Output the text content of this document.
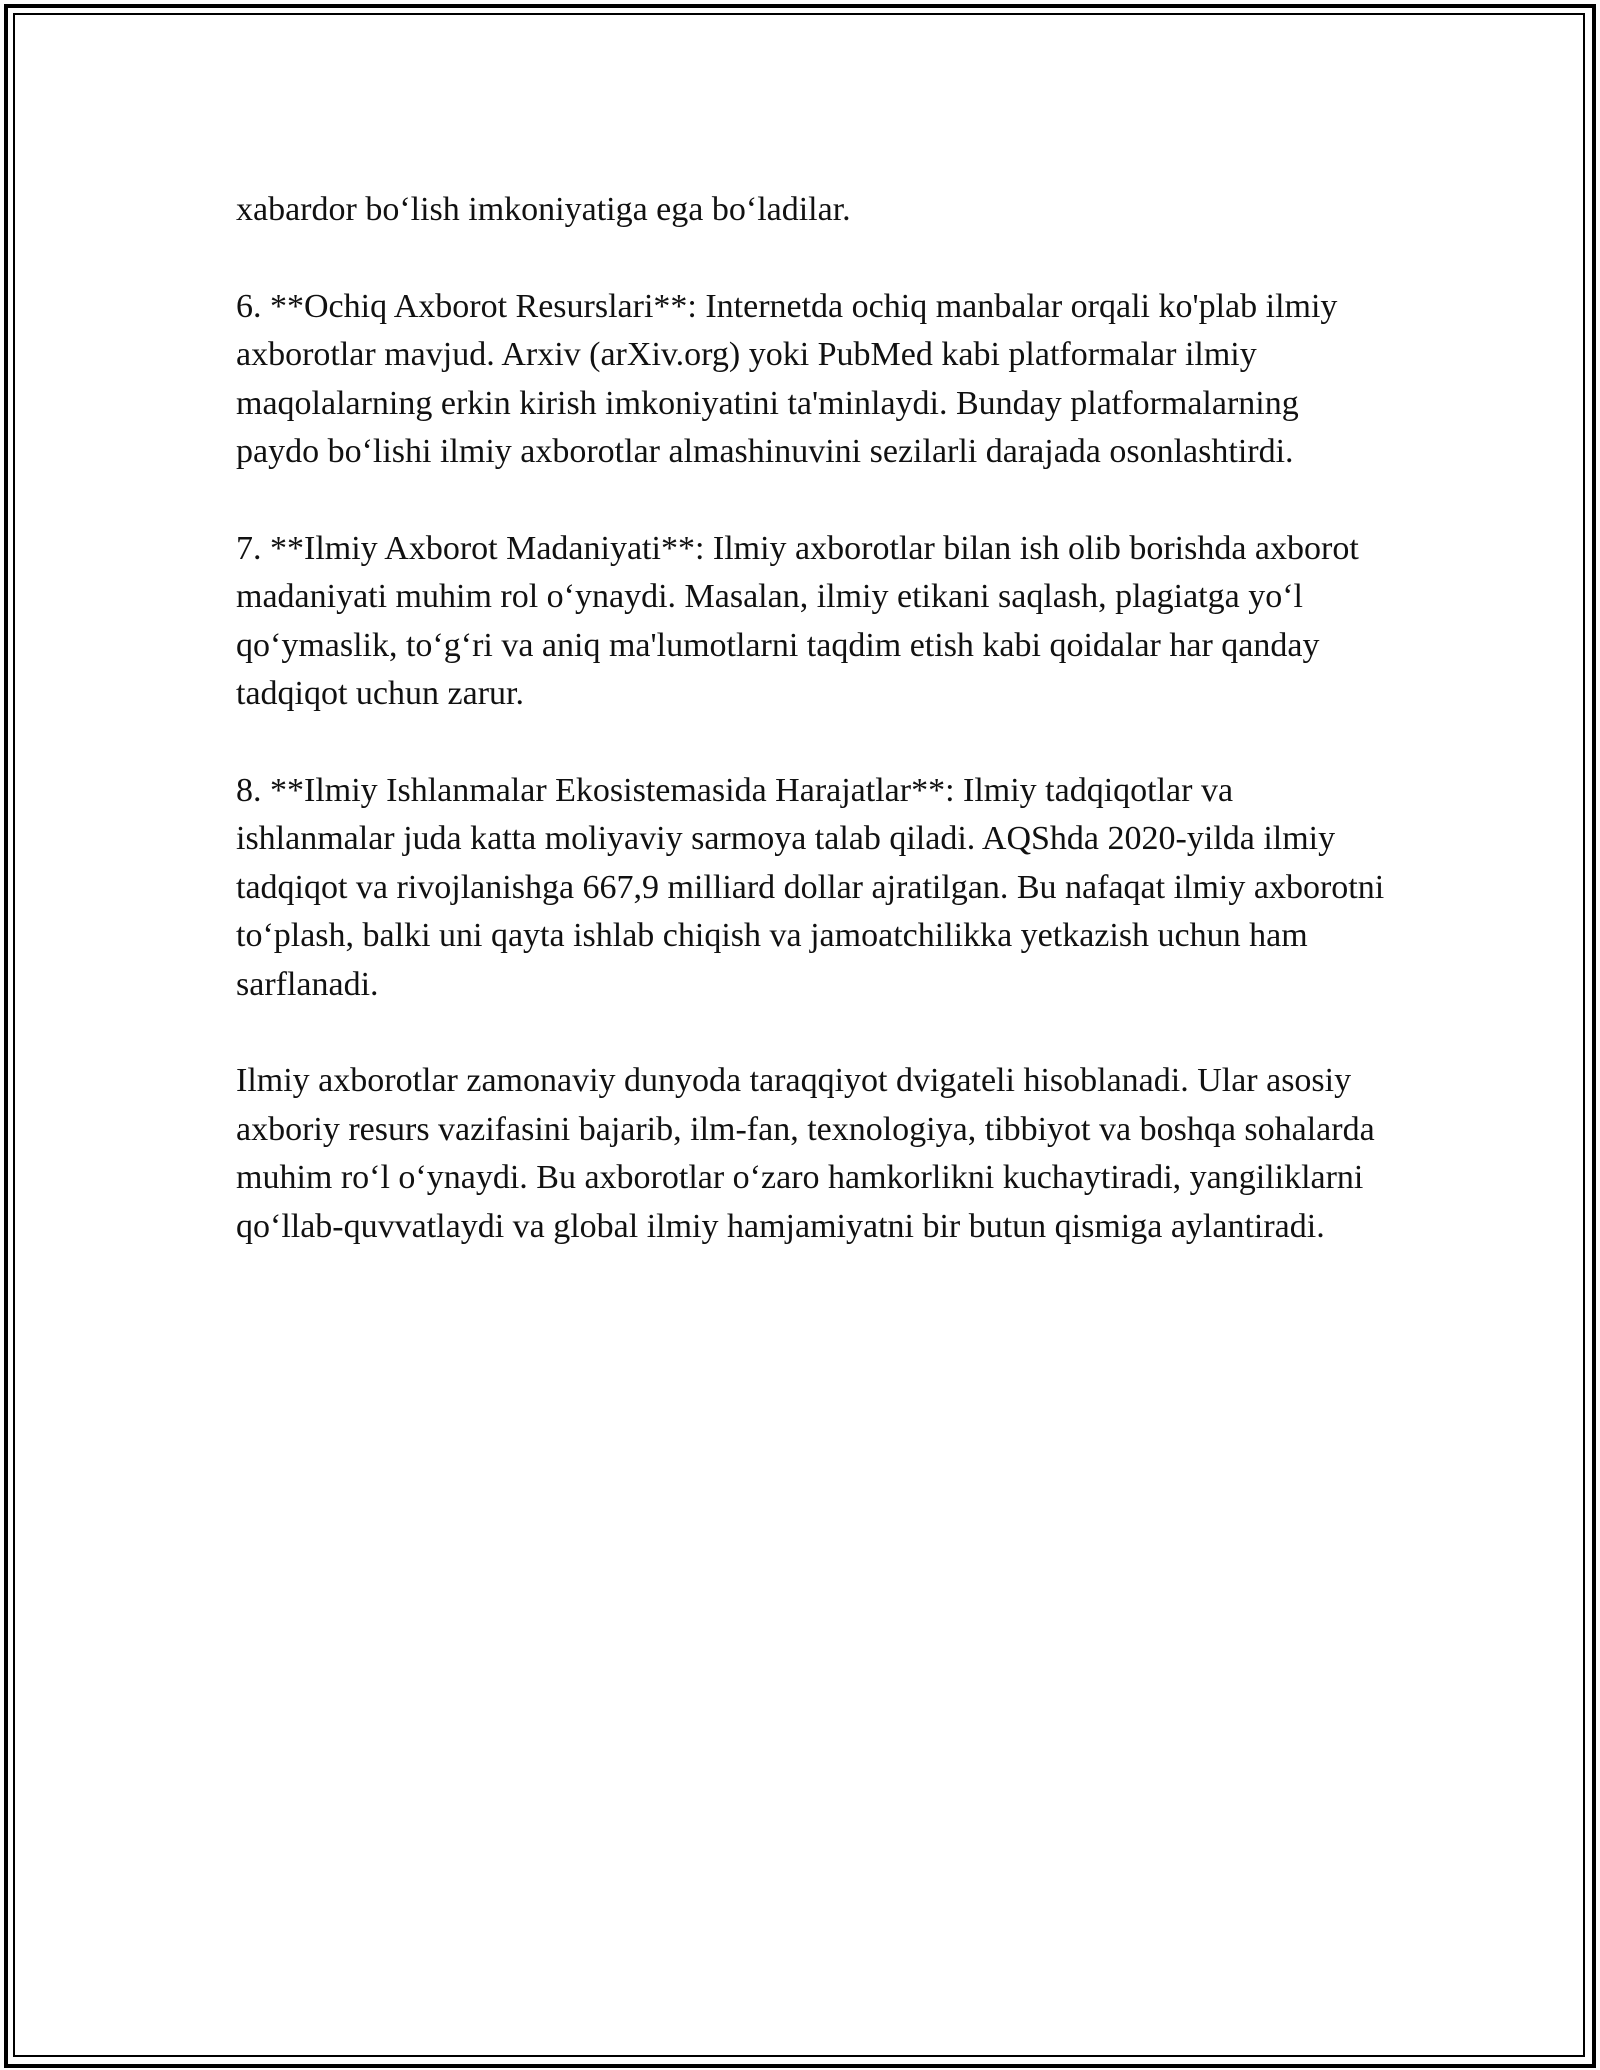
xabardor bo‘lish imkoniyatiga ega bo‘ladilar.

6. **Ochiq Axborot Resurslari**: Internetda ochiq manbalar orqali ko'plab ilmiy axborotlar mavjud. Arxiv (arXiv.org) yoki PubMed kabi platformalar ilmiy maqolalarning erkin kirish imkoniyatini ta'minlaydi. Bunday platformalarning paydo bo‘lishi ilmiy axborotlar almashinuvini sezilarli darajada osonlashtirdi.

7. **Ilmiy Axborot Madaniyati**: Ilmiy axborotlar bilan ish olib borishda axborot madaniyati muhim rol o‘ynaydi. Masalan, ilmiy etikani saqlash, plagiatga yo‘l qo‘ymaslik, to‘g‘ri va aniq ma'lumotlarni taqdim etish kabi qoidalar har qanday tadqiqot uchun zarur.

8. **Ilmiy Ishlanmalar Ekosistemasida Harajatlar**: Ilmiy tadqiqotlar va ishlanmalar juda katta moliyaviy sarmoya talab qiladi. AQShda 2020-yilda ilmiy tadqiqot va rivojlanishga 667,9 milliard dollar ajratilgan. Bu nafaqat ilmiy axborotni to‘plash, balki uni qayta ishlab chiqish va jamoatchilikka yetkazish uchun ham sarflanadi.

Ilmiy axborotlar zamonaviy dunyoda taraqqiyot dvigateli hisoblanadi. Ular asosiy axboriy resurs vazifasini bajarib, ilm-fan, texnologiya, tibbiyot va boshqa sohalarda muhim ro‘l o‘ynaydi. Bu axborotlar o‘zaro hamkorlikni kuchaytiradi, yangiliklarni qo‘llab-quvvatlaydi va global ilmiy hamjamiyatni bir butun qismiga aylantiradi.
